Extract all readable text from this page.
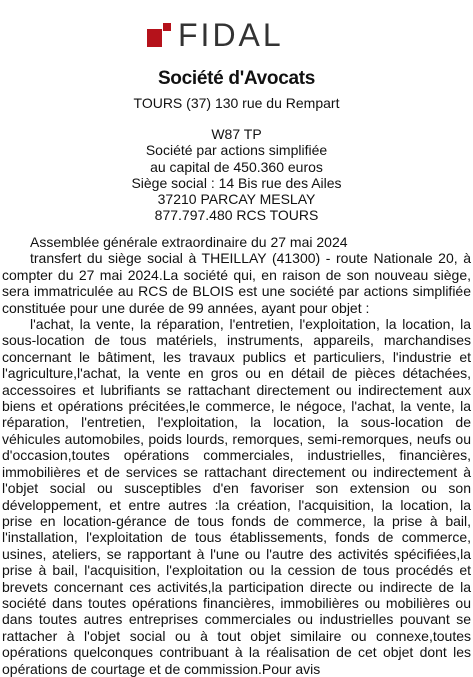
FIDAL
Société d'Avocats
TOURS (37) 130 rue du Rempart
W87 TP
Société par actions simplifiée
au capital de 450.360 euros
Siège social : 14 Bis rue des Ailes
37210 PARCAY MESLAY
877.797.480 RCS TOURS

Assemblée générale extraordinaire du 27 mai 2024

transfert du siège social à THEILLAY (41300) - route Nationale 20, à compter du 27 mai 2024.La société qui, en raison de son nouveau siège, sera immatriculée au RCS de BLOIS est une société par actions simplifiée constituée pour une durée de 99 années, ayant pour objet :

l'achat, la vente, la réparation, l'entretien, l'exploitation, la location, la sous-location de tous matériels, instruments, appareils, marchandises concernant le bâtiment, les travaux publics et particuliers, l'industrie et l'agriculture,l'achat, la vente en gros ou en détail de pièces détachées, accessoires et lubrifiants se rattachant directement ou indirectement aux biens et opérations précitées,le commerce, le négoce, l'achat, la vente, la réparation, l'entretien, l'exploitation, la location, la sous-location de véhicules automobiles, poids lourds, remorques, semi-remorques, neufs ou d'occasion,toutes opérations commerciales, industrielles, financières, immobilières et de services se rattachant directement ou indirectement à l'objet social ou susceptibles d'en favoriser son extension ou son développement, et entre autres :la création, l'acquisition, la location, la prise en location-gérance de tous fonds de commerce, la prise à bail, l'installation, l'exploitation de tous établissements, fonds de commerce, usines, ateliers, se rapportant à l'une ou l'autre des activités spécifiées,la prise à bail, l'acquisition, l'exploitation ou la cession de tous procédés et brevets concernant ces activités,la participation directe ou indirecte de la société dans toutes opérations financières, immobilières ou mobilières ou dans toutes autres entreprises commerciales ou industrielles pouvant se rattacher à l'objet social ou à tout objet similaire ou connexe,toutes opérations quelconques contribuant à la réalisation de cet objet dont les opérations de courtage et de commission.Pour avis
